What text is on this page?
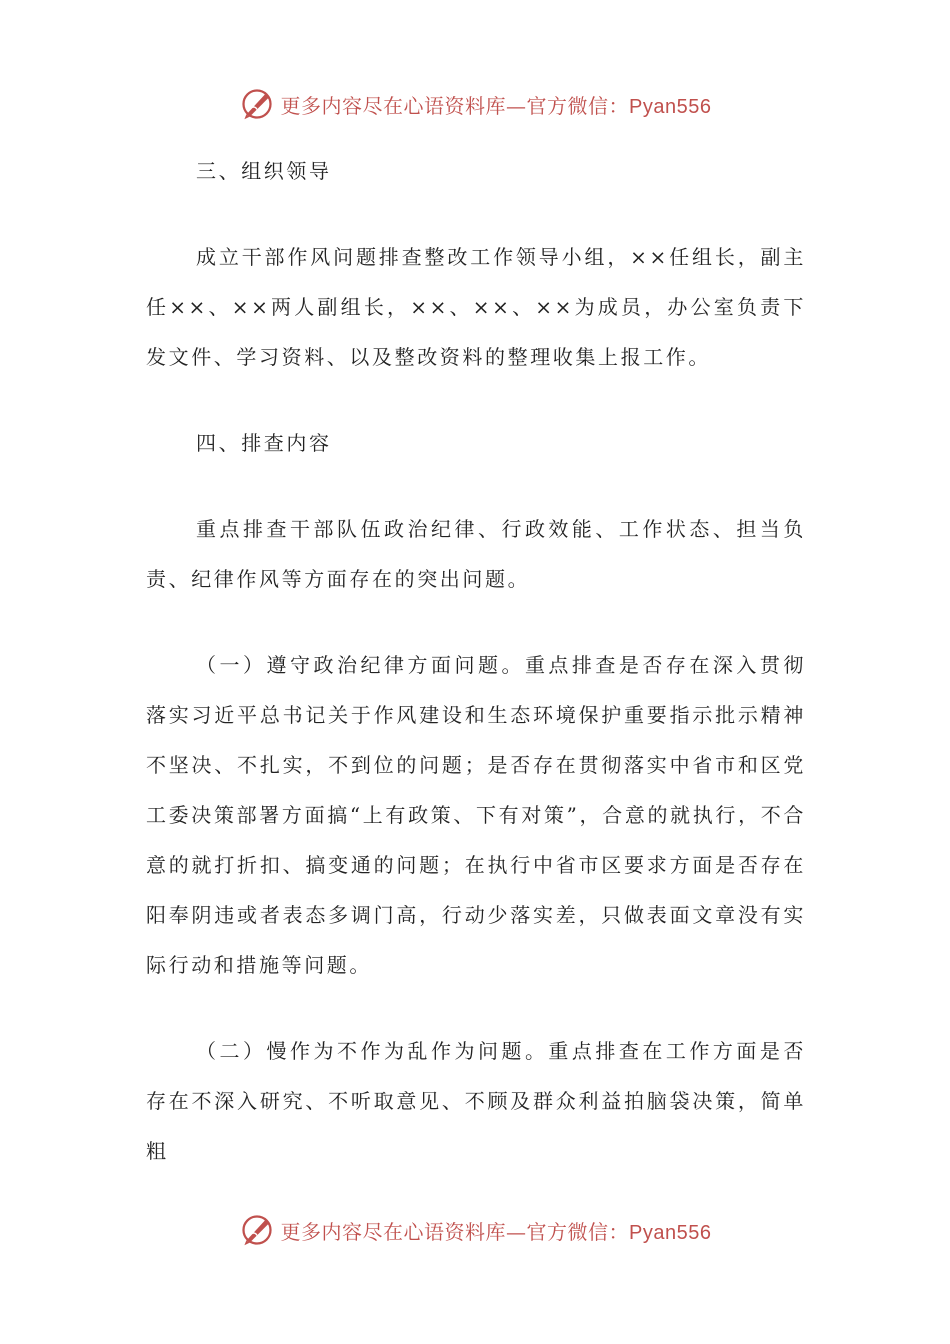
更多内容尽在心语资料库—官方微信：Pyan556

三、组织领导

成立干部作风问题排查整改工作领导小组，××任组长，副主任××、××两人副组长，××、××、××为成员，办公室负责下发文件、学习资料、以及整改资料的整理收集上报工作。

四、排查内容

重点排查干部队伍政治纪律、行政效能、工作状态、担当负责、纪律作风等方面存在的突出问题。

（一）遵守政治纪律方面问题。重点排查是否存在深入贯彻落实习近平总书记关于作风建设和生态环境保护重要指示批示精神不坚决、不扎实，不到位的问题；是否存在贯彻落实中省市和区党工委决策部署方面搞“上有政策、下有对策”，合意的就执行，不合意的就打折扣、搞变通的问题；在执行中省市区要求方面是否存在阳奉阴违或者表态多调门高，行动少落实差，只做表面文章没有实际行动和措施等问题。

（二）慢作为不作为乱作为问题。重点排查在工作方面是否存在不深入研究、不听取意见、不顾及群众利益拍脑袋决策，简单粗

更多内容尽在心语资料库—官方微信：Pyan556
